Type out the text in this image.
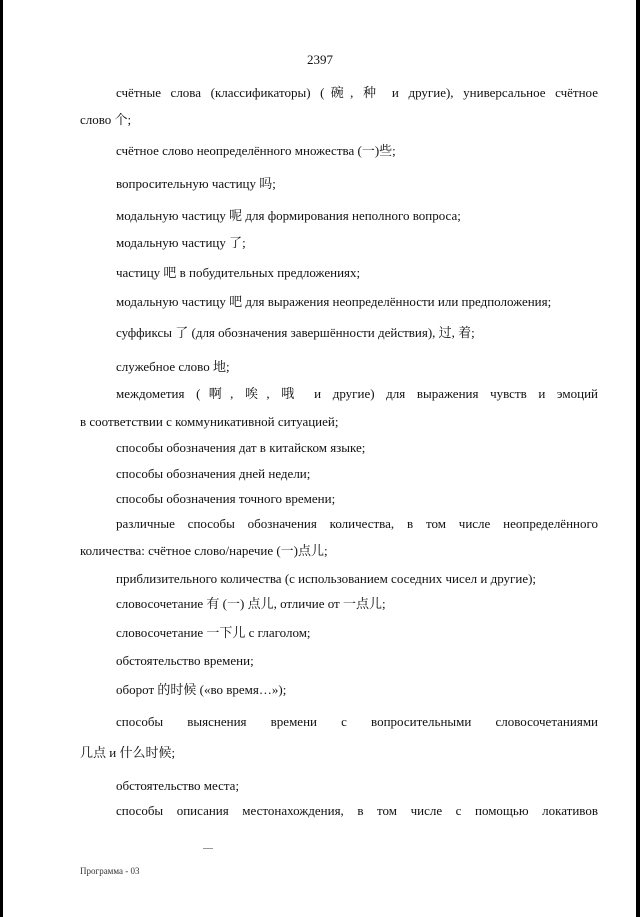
2397
счётные слова (классификаторы) (碗, 种 и другие), универсальное счётное
слово 个;
счётное слово неопределённого множества (一)些;
вопросительную частицу 吗;
модальную частицу 呢 для формирования неполного вопроса;
модальную частицу 了;
частицу 吧 в побудительных предложениях;
модальную частицу 吧 для выражения неопределённости или предположения;
суффиксы 了 (для обозначения завершённости действия), 过, 着;
служебное слово 地;
междометия (啊, 唉, 哦 и другие) для выражения чувств и эмоций
в соответствии с коммуникативной ситуацией;
способы обозначения дат в китайском языке;
способы обозначения дней недели;
способы обозначения точного времени;
различные способы обозначения количества, в том числе неопределённого
количества: счётное слово/наречие (一)点儿;
приблизительного количества (с использованием соседних чисел и другие);
словосочетание 有 (一) 点儿, отличие от 一点儿;
словосочетание 一下儿 с глаголом;
обстоятельство времени;
оборот 的时候 («во время…»);
способы выяснения времени с вопросительными словосочетаниями
几点 и 什么时候;
обстоятельство места;
способы описания местонахождения, в том числе с помощью локативов
Программа - 03
